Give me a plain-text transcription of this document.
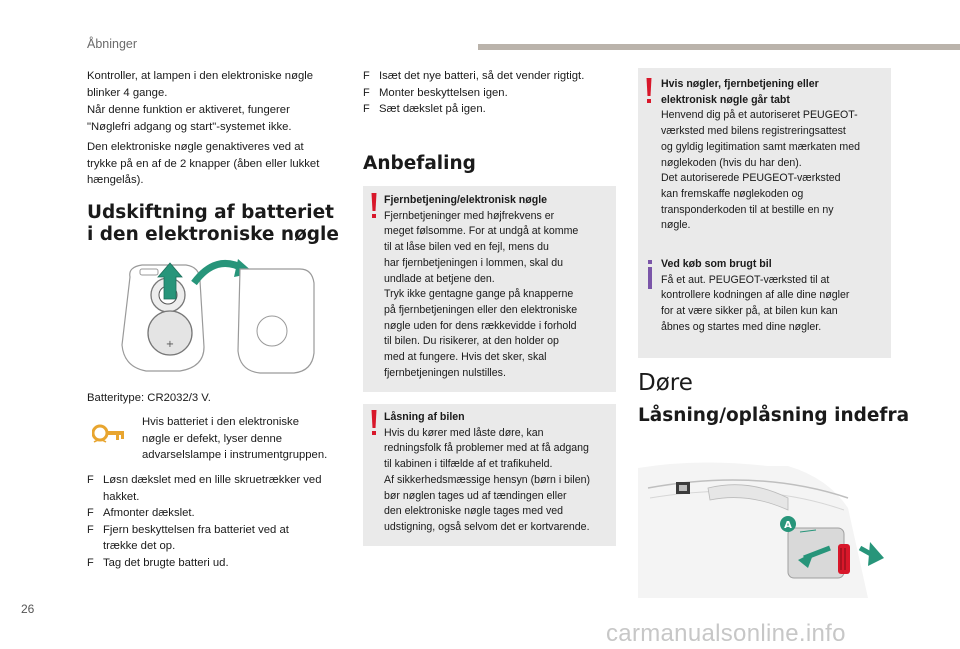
Åbninger
Kontroller, at lampen i den elektroniske nøgle
blinker 4 gange.
Når denne funktion er aktiveret, fungerer
"Nøglefri adgang og start"-systemet ikke.
Den elektroniske nøgle genaktiveres ved at
trykke på en af de 2 knapper (åben eller lukket
hængelås).
Udskiftning af batteriet
i den elektroniske nøgle
+
Batteritype: CR2032/3 V.
Hvis batteriet i den elektroniske
nøgle er defekt, lyser denne
advarselslampe i instrumentgruppen.
F Løsn dækslet med en lille skruetrækker ved
hakket.
F Afmonter dækslet.
F Fjern beskyttelsen fra batteriet ved at
trække det op.
F Tag det brugte batteri ud.
F Isæt det nye batteri, så det vender rigtigt.
F Monter beskyttelsen igen.
F Sæt dækslet på igen.
Anbefaling
Fjernbetjening/elektronisk nøgle
Fjernbetjeninger med højfrekvens er
meget følsomme. For at undgå at komme
til at låse bilen ved en fejl, mens du
har fjernbetjeningen i lommen, skal du
undlade at betjene den.
Tryk ikke gentagne gange på knapperne
på fjernbetjeningen eller den elektroniske
nøgle uden for dens rækkevidde i forhold
til bilen. Du risikerer, at den holder op
med at fungere. Hvis det sker, skal
fjernbetjeningen nulstilles.
Låsning af bilen
Hvis du kører med låste døre, kan
redningsfolk få problemer med at få adgang
til kabinen i tilfælde af et trafikuheld.
Af sikkerhedsmæssige hensyn (børn i bilen)
bør nøglen tages ud af tændingen eller
den elektroniske nøgle tages med ved
udstigning, også selvom det er kortvarende.
Hvis nøgler, fjernbetjening eller
elektronisk nøgle går tabt
Henvend dig på et autoriseret PEUGEOT-
værksted med bilens registreringsattest
og gyldig legitimation samt mærkaten med
nøglekoden (hvis du har den).
Det autoriserede PEUGEOT-værksted
kan fremskaffe nøglekoden og
transponderkoden til at bestille en ny
nøgle.
Ved køb som brugt bil
Få et aut. PEUGEOT-værksted til at
kontrollere kodningen af alle dine nøgler
for at være sikker på, at bilen kun kan
åbnes og startes med dine nøgler.
Døre
Låsning/oplåsning indefra
A
26
carmanualsonline.info
